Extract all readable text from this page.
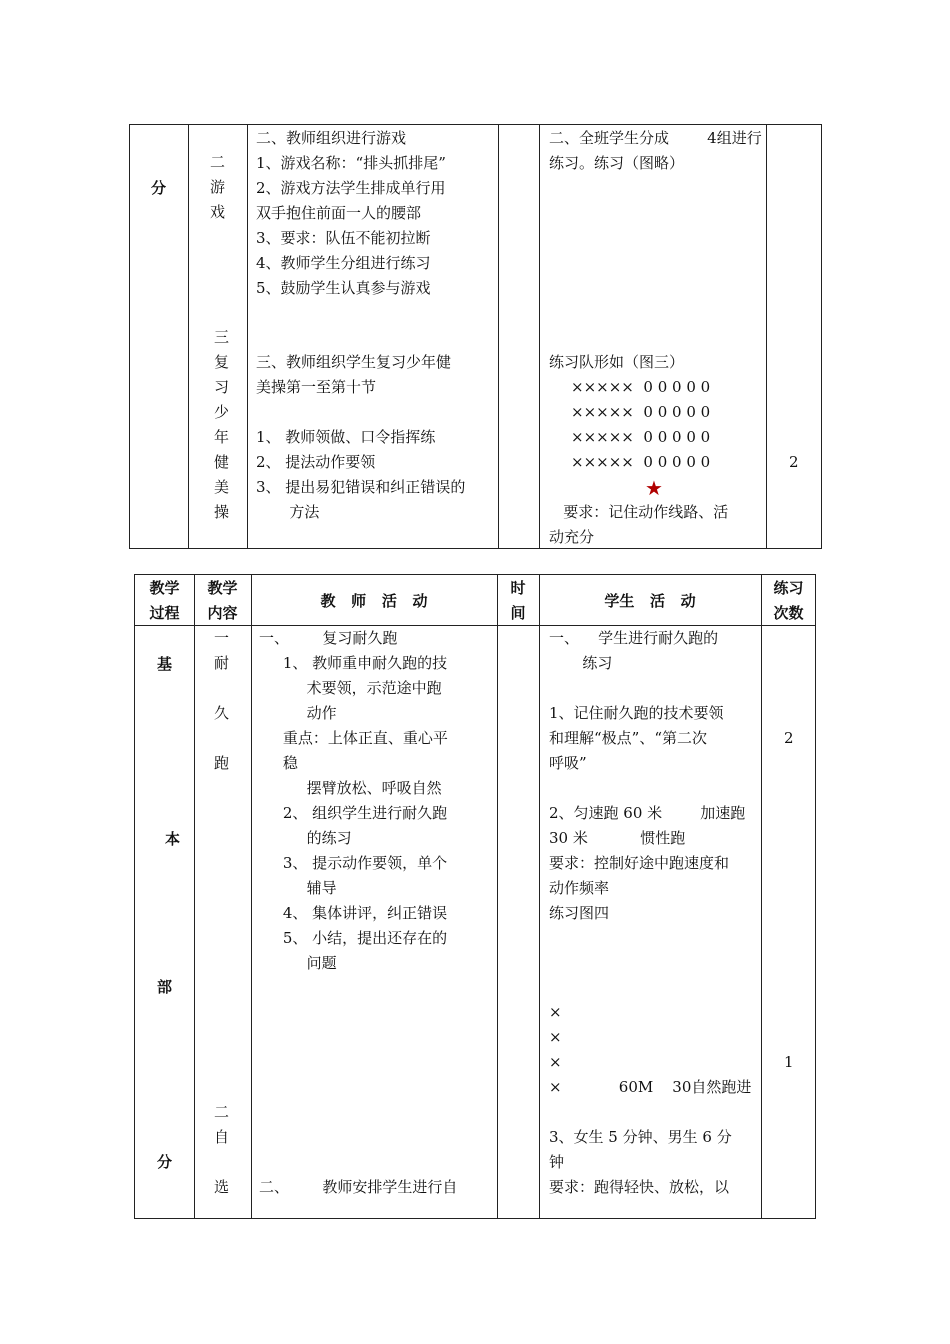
分
二
游
戏
三
复
习
少
年
健
美
操
二、教师组织进行游戏
1、游戏名称：“排头抓排尾”
2、游戏方法学生排成单行用
双手抱住前面一人的腰部
3、要求：队伍不能初拉断
4、教师学生分组进行练习
5、鼓励学生认真参与游戏
三、教师组织学生复习少年健
美操第一至第十节
1、 教师领做、口令指挥练
2、 提法动作要领
3、 提出易犯错误和纠正错误的
方法
二、全班学生分成        4组进行
练习。练习（图略）
练习队形如（图三）
×××××  0 0 0 0 0
×××××  0 0 0 0 0
×××××  0 0 0 0 0
×××××  0 0 0 0 0
★
要求：记住动作线路、活
动充分
2
教学
过程
教学
内容
教   师   活   动
时
间
学生   活   动
练习
次数
基
本
部
分
一
耐
久
跑
二
自
选
一、       复习耐久跑
1、 教师重申耐久跑的技
术要领，示范途中跑
动作
重点：上体正直、重心平
稳
摆臂放松、呼吸自然
2、 组织学生进行耐久跑
的练习
3、 提示动作要领，单个
辅导
4、 集体讲评，纠正错误
5、 小结，提出还存在的
问题
二、       教师安排学生进行自
一、    学生进行耐久跑的
练习
1、记住耐久跑的技术要领
和理解“极点”、“第二次
呼吸”
2、匀速跑 60 米        加速跑
30 米           惯性跑
要求：控制好途中跑速度和
动作频率
练习图四
×
×
×
×            60M    30自然跑进
3、女生 5 分钟、男生 6 分
钟
要求：跑得轻快、放松，以
2
1
